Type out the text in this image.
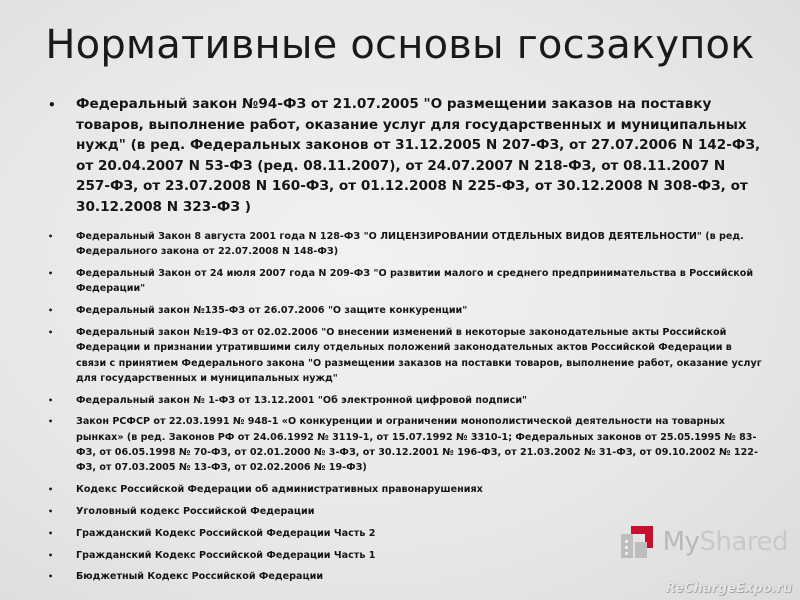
Нормативные основы госзакупок
• Федеральный закон №94-ФЗ от 21.07.2005 "О размещении заказов на поставку товаров, выполнение работ, оказание услуг для государственных и муниципальных нужд" (в ред. Федеральных законов от 31.12.2005 N 207-ФЗ, от 27.07.2006 N 142-ФЗ, от 20.04.2007 N 53-ФЗ (ред. 08.11.2007), от 24.07.2007 N 218-ФЗ, от 08.11.2007 N 257-ФЗ, от 23.07.2008 N 160-ФЗ, от 01.12.2008 N 225-ФЗ, от 30.12.2008 N 308-ФЗ, от 30.12.2008 N 323-ФЗ )
• Федеральный Закон 8 августа 2001 года N 128-ФЗ "О ЛИЦЕНЗИРОВАНИИ ОТДЕЛЬНЫХ ВИДОВ ДЕЯТЕЛЬНОСТИ" (в ред. Федерального закона от 22.07.2008 N 148-ФЗ)
• Федеральный Закон от 24 июля 2007 года N 209-ФЗ "О развитии малого и среднего предпринимательства в Российской Федерации"
• Федеральный закон №135-ФЗ от 26.07.2006 "О защите конкуренции"
• Федеральный закон №19-ФЗ от 02.02.2006 "О внесении изменений в некоторые законодательные акты Российской Федерации и признании утратившими силу отдельных положений законодательных актов Российской Федерации в связи с принятием Федерального закона "О размещении заказов на поставки товаров, выполнение работ, оказание услуг для государственных и муниципальных нужд"
• Федеральный закон № 1-ФЗ от 13.12.2001 "Об электронной цифровой подписи"
• Закон РСФСР от 22.03.1991 № 948-1 «О конкуренции и ограничении монополистической деятельности на товарных рынках» (в ред. Законов РФ от 24.06.1992 № 3119-1, от 15.07.1992 № 3310-1; Федеральных законов от 25.05.1995 № 83-ФЗ, от 06.05.1998 № 70-ФЗ, от 02.01.2000 № 3-ФЗ, от 30.12.2001 № 196-ФЗ, от 21.03.2002 № 31-ФЗ, от 09.10.2002 № 122-ФЗ, от 07.03.2005 № 13-ФЗ, от 02.02.2006 № 19-ФЗ)
• Кодекс Российской Федерации об административных правонарушениях
• Уголовный кодекс Российской Федерации
• Гражданский Кодекс Российской Федерации Часть 2
• Гражданский Кодекс Российской Федерации Часть 1
• Бюджетный Кодекс Российской Федерации
MyShared
ReChargeExpo.ru
